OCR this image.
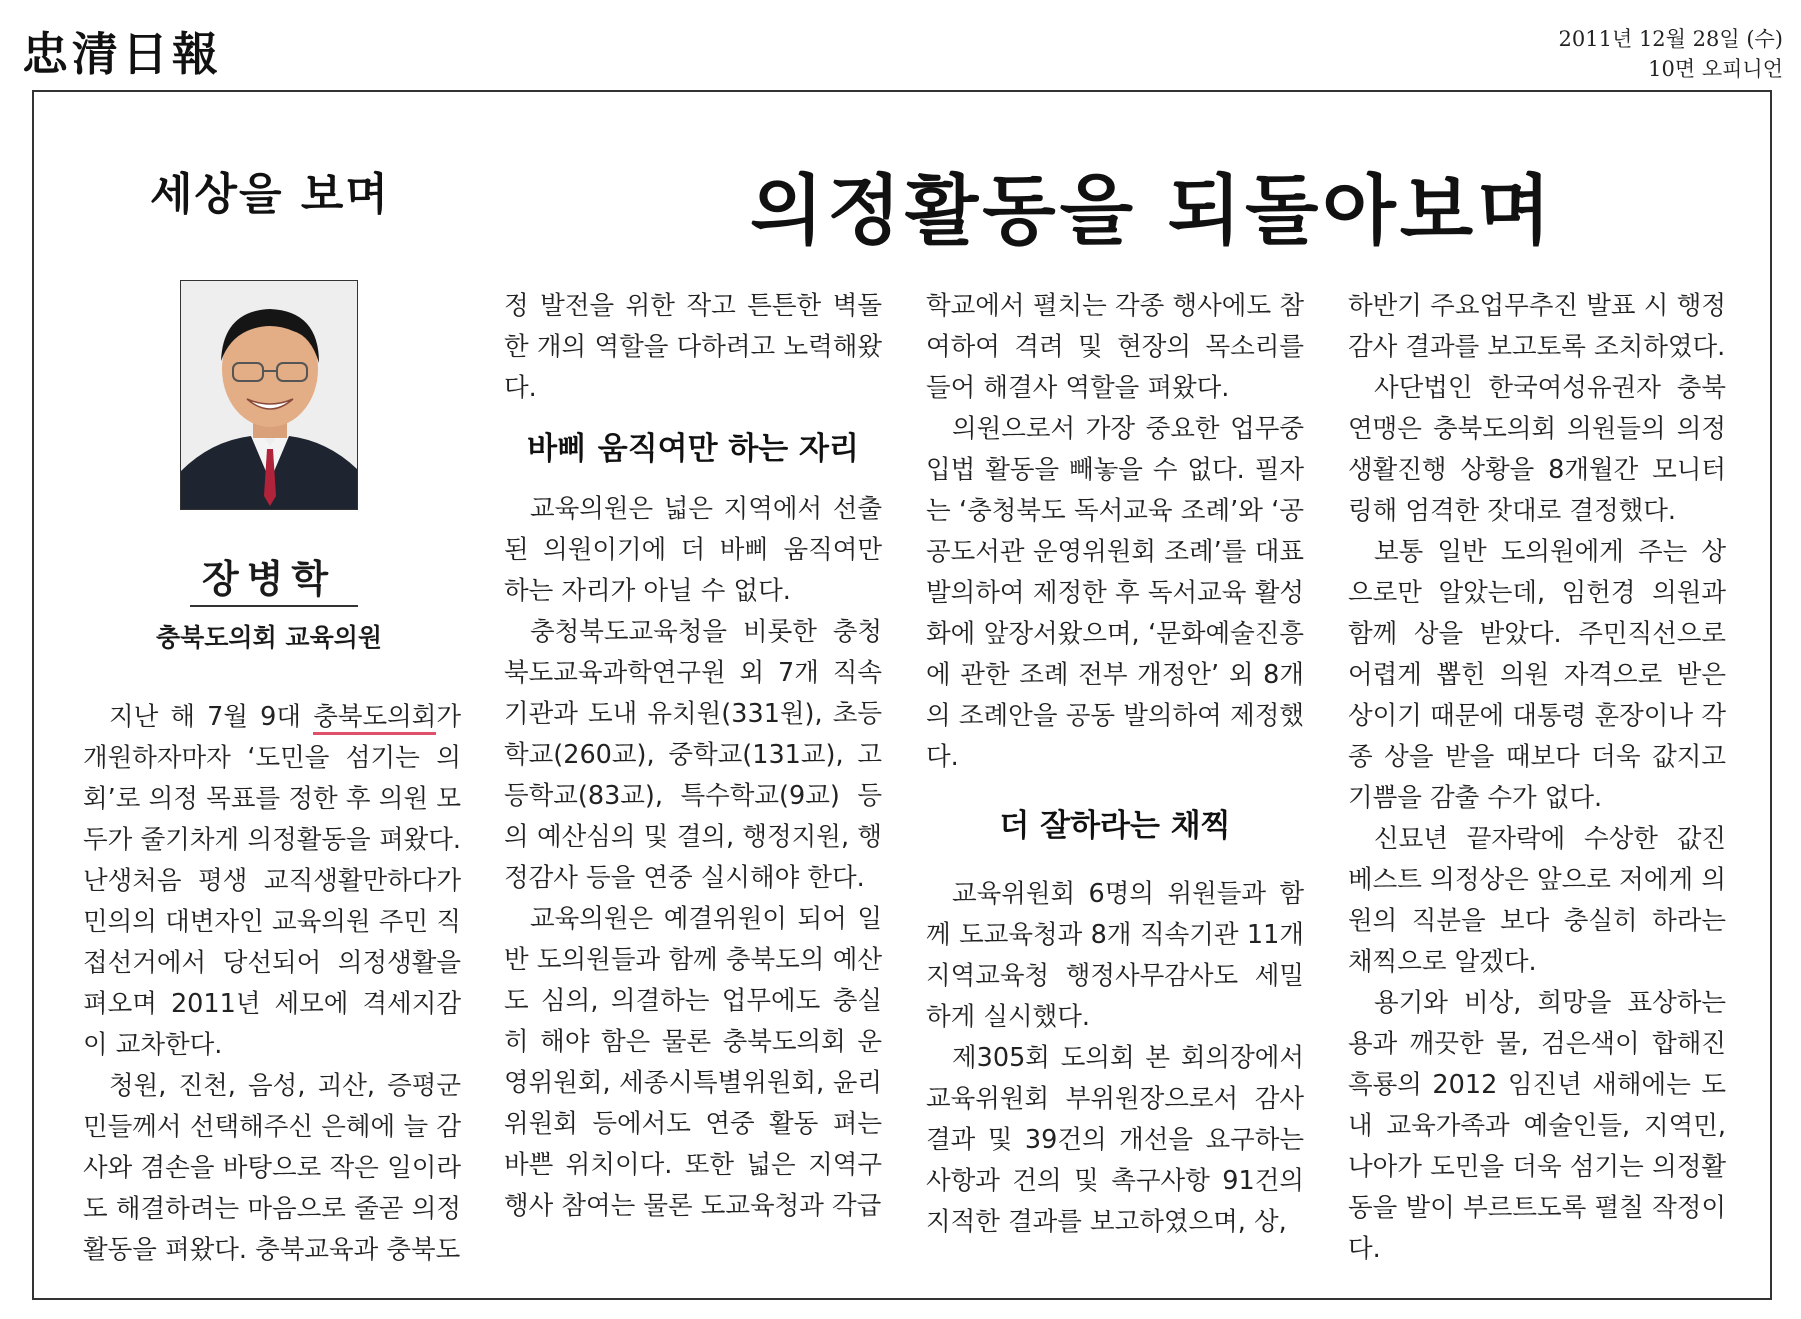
忠清日報	2011년 12월 28일 (수)
10면 오피니언
세상을 보며	의정활동을 되돌아보며
장병학
충북도의회 교육의원

지난 해 7월 9대 충북도의회가 개원하자마자 ‘도민을 섬기는 의회’로 의정 목표를 정한 후 의원 모두가 줄기차게 의정활동을 펴왔다. 난생처음 평생 교직생활만하다가 민의의 대변자인 교육의원 주민 직접선거에서 당선되어 의정생활을 펴오며 2011년 세모에 격세지감이 교차한다.

청원, 진천, 음성, 괴산, 증평군 민들께서 선택해주신 은혜에 늘 감사와 겸손을 바탕으로 작은 일이라도 해결하려는 마음으로 줄곧 의정활동을 펴왔다. 충북교육과 충북도

정 발전을 위한 작고 튼튼한 벽돌 한 개의 역할을 다하려고 노력해왔다.

바삐 움직여만 하는 자리

교육의원은 넓은 지역에서 선출된 의원이기에 더 바삐 움직여만 하는 자리가 아닐 수 없다.

충청북도교육청을 비롯한 충청북도교육과학연구원 외 7개 직속기관과 도내 유치원(331원), 초등학교(260교), 중학교(131교), 고등학교(83교), 특수학교(9교) 등의 예산심의 및 결의, 행정지원, 행정감사 등을 연중 실시해야 한다.

교육의원은 예결위원이 되어 일반 도의원들과 함께 충북도의 예산도 심의, 의결하는 업무에도 충실히 해야 함은 물론 충북도의회 운영위원회, 세종시특별위원회, 윤리위원회 등에서도 연중 활동 펴는 바쁜 위치이다. 또한 넓은 지역구 행사 참여는 물론 도교육청과 각급

학교에서 펼치는 각종 행사에도 참여하여 격려 및 현장의 목소리를 들어 해결사 역할을 펴왔다.

의원으로서 가장 중요한 업무중 입법 활동을 빼놓을 수 없다. 필자는 ‘충청북도 독서교육 조례’와 ‘공공도서관 운영위원회 조례’를 대표 발의하여 제정한 후 독서교육 활성화에 앞장서왔으며, ‘문화예술진흥에 관한 조례 전부 개정안’ 외 8개의 조례안을 공동 발의하여 제정했다.

더 잘하라는 채찍

교육위원회 6명의 위원들과 함께 도교육청과 8개 직속기관 11개 지역교육청 행정사무감사도 세밀하게 실시했다.

제305회 도의회 본 회의장에서 교육위원회 부위원장으로서 감사 결과 및 39건의 개선을 요구하는 사항과 건의 및 촉구사항 91건의 지적한 결과를 보고하였으며, 상,

하반기 주요업무추진 발표 시 행정감사 결과를 보고토록 조치하였다.

사단법인 한국여성유권자 충북연맹은 충북도의회 의원들의 의정생활진행 상황을 8개월간 모니터링해 엄격한 잣대로 결정했다.

보통 일반 도의원에게 주는 상으로만 알았는데, 임헌경 의원과 함께 상을 받았다. 주민직선으로 어렵게 뽑힌 의원 자격으로 받은 상이기 때문에 대통령 훈장이나 각종 상을 받을 때보다 더욱 값지고 기쁨을 감출 수가 없다.

신묘년 끝자락에 수상한 값진 베스트 의정상은 앞으로 저에게 의원의 직분을 보다 충실히 하라는 채찍으로 알겠다.

용기와 비상, 희망을 표상하는 용과 깨끗한 물, 검은색이 합해진 흑룡의 2012 임진년 새해에는 도내 교육가족과 예술인들, 지역민, 나아가 도민을 더욱 섬기는 의정활동을 발이 부르트도록 펼칠 작정이다.
